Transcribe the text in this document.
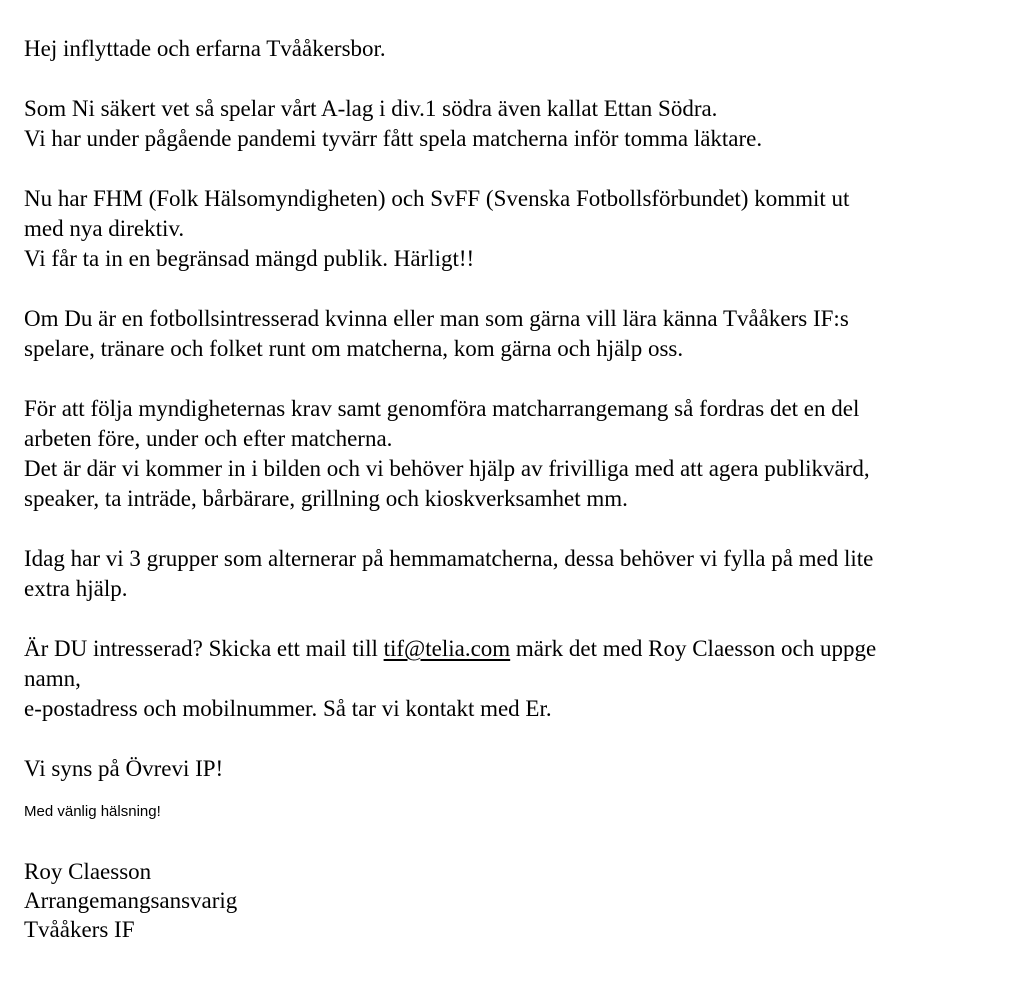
Hej inflyttade och erfarna Tvååkersbor.

Som Ni säkert vet så spelar vårt A-lag i div.1 södra även kallat Ettan Södra.
Vi har under pågående pandemi tyvärr fått spela matcherna inför tomma läktare.

Nu har FHM (Folk Hälsomyndigheten) och SvFF (Svenska Fotbollsförbundet) kommit ut
med nya direktiv.
Vi får ta in en begränsad mängd publik. Härligt!!

Om Du är en fotbollsintresserad kvinna eller man som gärna vill lära känna Tvååkers IF:s
spelare, tränare och folket runt om matcherna, kom gärna och hjälp oss.

För att följa myndigheternas krav samt genomföra matcharrangemang så fordras det en del
arbeten före, under och efter matcherna.
Det är där vi kommer in i bilden och vi behöver hjälp av frivilliga med att agera publikvärd,
speaker, ta inträde, bårbärare, grillning och kioskverksamhet mm.

Idag har vi 3 grupper som alternerar på hemmamatcherna, dessa behöver vi fylla på med lite
extra hjälp.

Är DU intresserad? Skicka ett mail till tif@telia.com märk det med Roy Claesson och uppge
namn,
e-postadress och mobilnummer. Så tar vi kontakt med Er.

Vi syns på Övrevi IP!

Med vänlig hälsning!

Roy Claesson
Arrangemangsansvarig
Tvååkers IF
